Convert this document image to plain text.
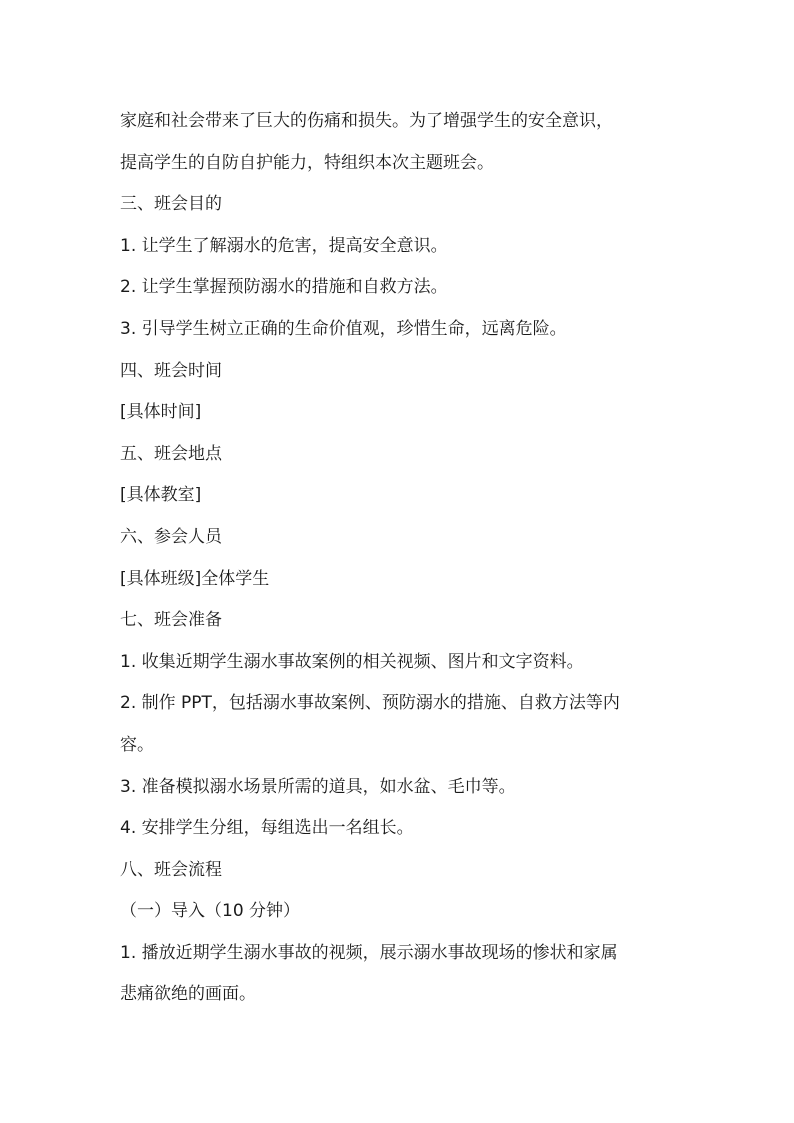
家庭和社会带来了巨大的伤痛和损失。为了增强学生的安全意识，
提高学生的自防自护能力，特组织本次主题班会。
三、班会目的
1. 让学生了解溺水的危害，提高安全意识。
2. 让学生掌握预防溺水的措施和自救方法。
3. 引导学生树立正确的生命价值观，珍惜生命，远离危险。
四、班会时间
[具体时间]
五、班会地点
[具体教室]
六、参会人员
[具体班级]全体学生
七、班会准备
1. 收集近期学生溺水事故案例的相关视频、图片和文字资料。
2. 制作 PPT，包括溺水事故案例、预防溺水的措施、自救方法等内
容。
3. 准备模拟溺水场景所需的道具，如水盆、毛巾等。
4. 安排学生分组，每组选出一名组长。
八、班会流程
（一）导入（10 分钟）
1. 播放近期学生溺水事故的视频，展示溺水事故现场的惨状和家属
悲痛欲绝的画面。
